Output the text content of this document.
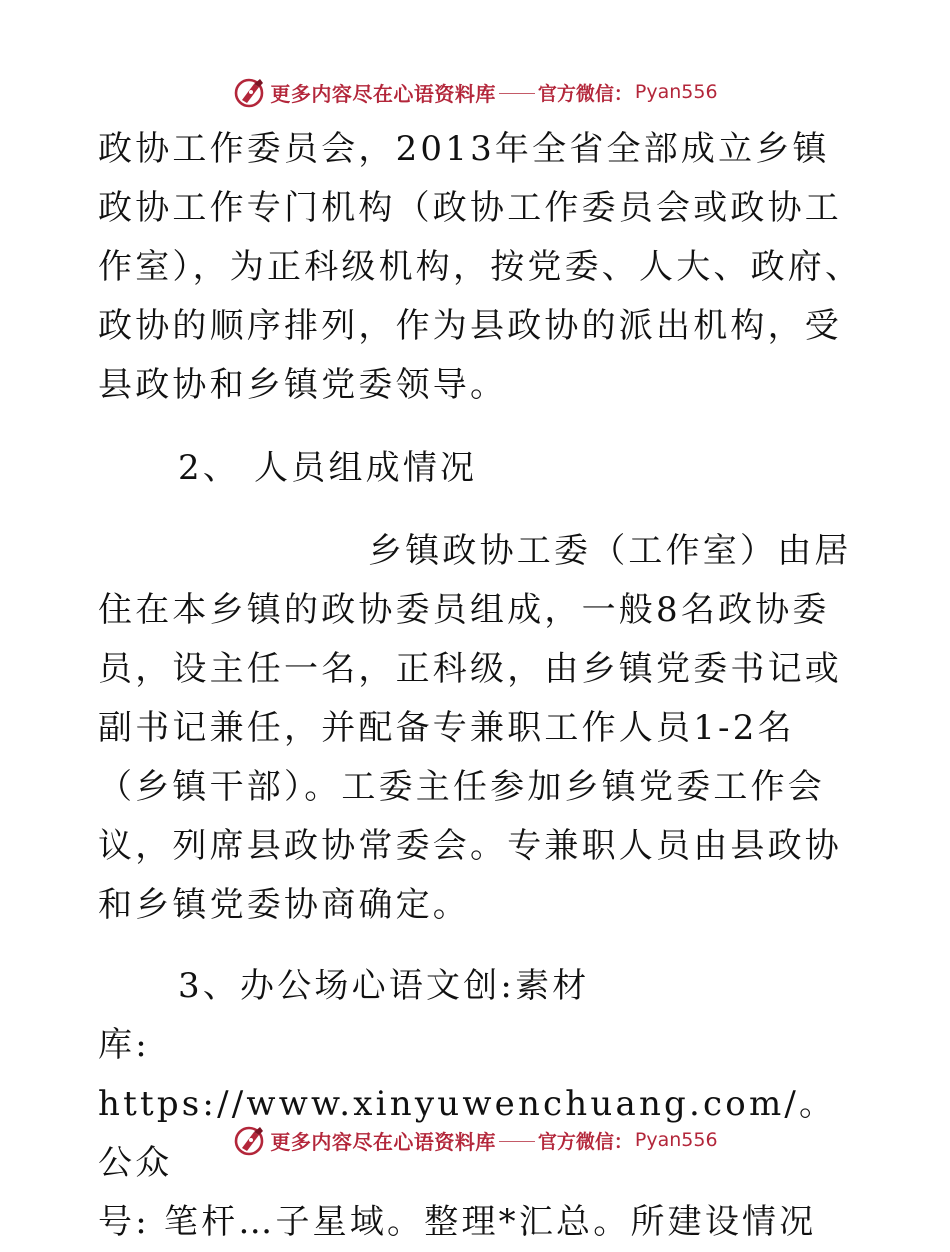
更多内容尽在心语资料库 官方微信： Pyan556

政协工作委员会，2013年全省全部成立乡镇政协工作专门机构（政协工作委员会或政协工作室），为正科级机构，按党委、人大、政府、政协的顺序排列，作为县政协的派出机构，受县政协和乡镇党委领导。

2、 人员组成情况

乡镇政协工委（工作室）由居住在本乡镇的政协委员组成，一般8名政协委员，设主任一名，正科级，由乡镇党委书记或副书记兼任，并配备专兼职工作人员1-2名（乡镇干部）。工委主任参加乡镇党委工作会议，列席县政协常委会。专兼职人员由县政协和乡镇党委协商确定。

3、办公场心语文创:素材

库: https://www.xinyuwenchuang.com/。公众

号: 笔杆…子星域。整理*汇总。所建设情况

更多内容尽在心语资料库 官方微信： Pyan556
